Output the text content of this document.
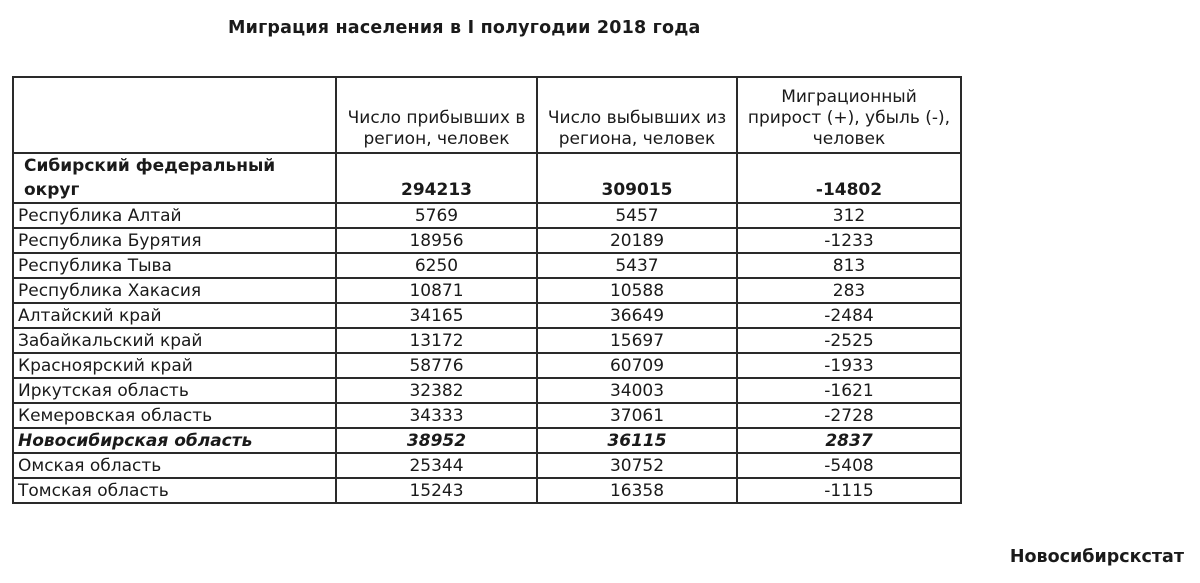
Миграция населения в I полугодии 2018 года
	Число прибывших в регион, человек	Число выбывших из региона, человек	Миграционный прирост (+), убыль (-), человек
Сибирский федеральный округ	294213	309015	-14802
Республика Алтай	5769	5457	312
Республика Бурятия	18956	20189	-1233
Республика Тыва	6250	5437	813
Республика Хакасия	10871	10588	283
Алтайский край	34165	36649	-2484
Забайкальский край	13172	15697	-2525
Красноярский край	58776	60709	-1933
Иркутская область	32382	34003	-1621
Кемеровская область	34333	37061	-2728
Новосибирская область	38952	36115	2837
Омская область	25344	30752	-5408
Томская область	15243	16358	-1115
Новосибирскстат
